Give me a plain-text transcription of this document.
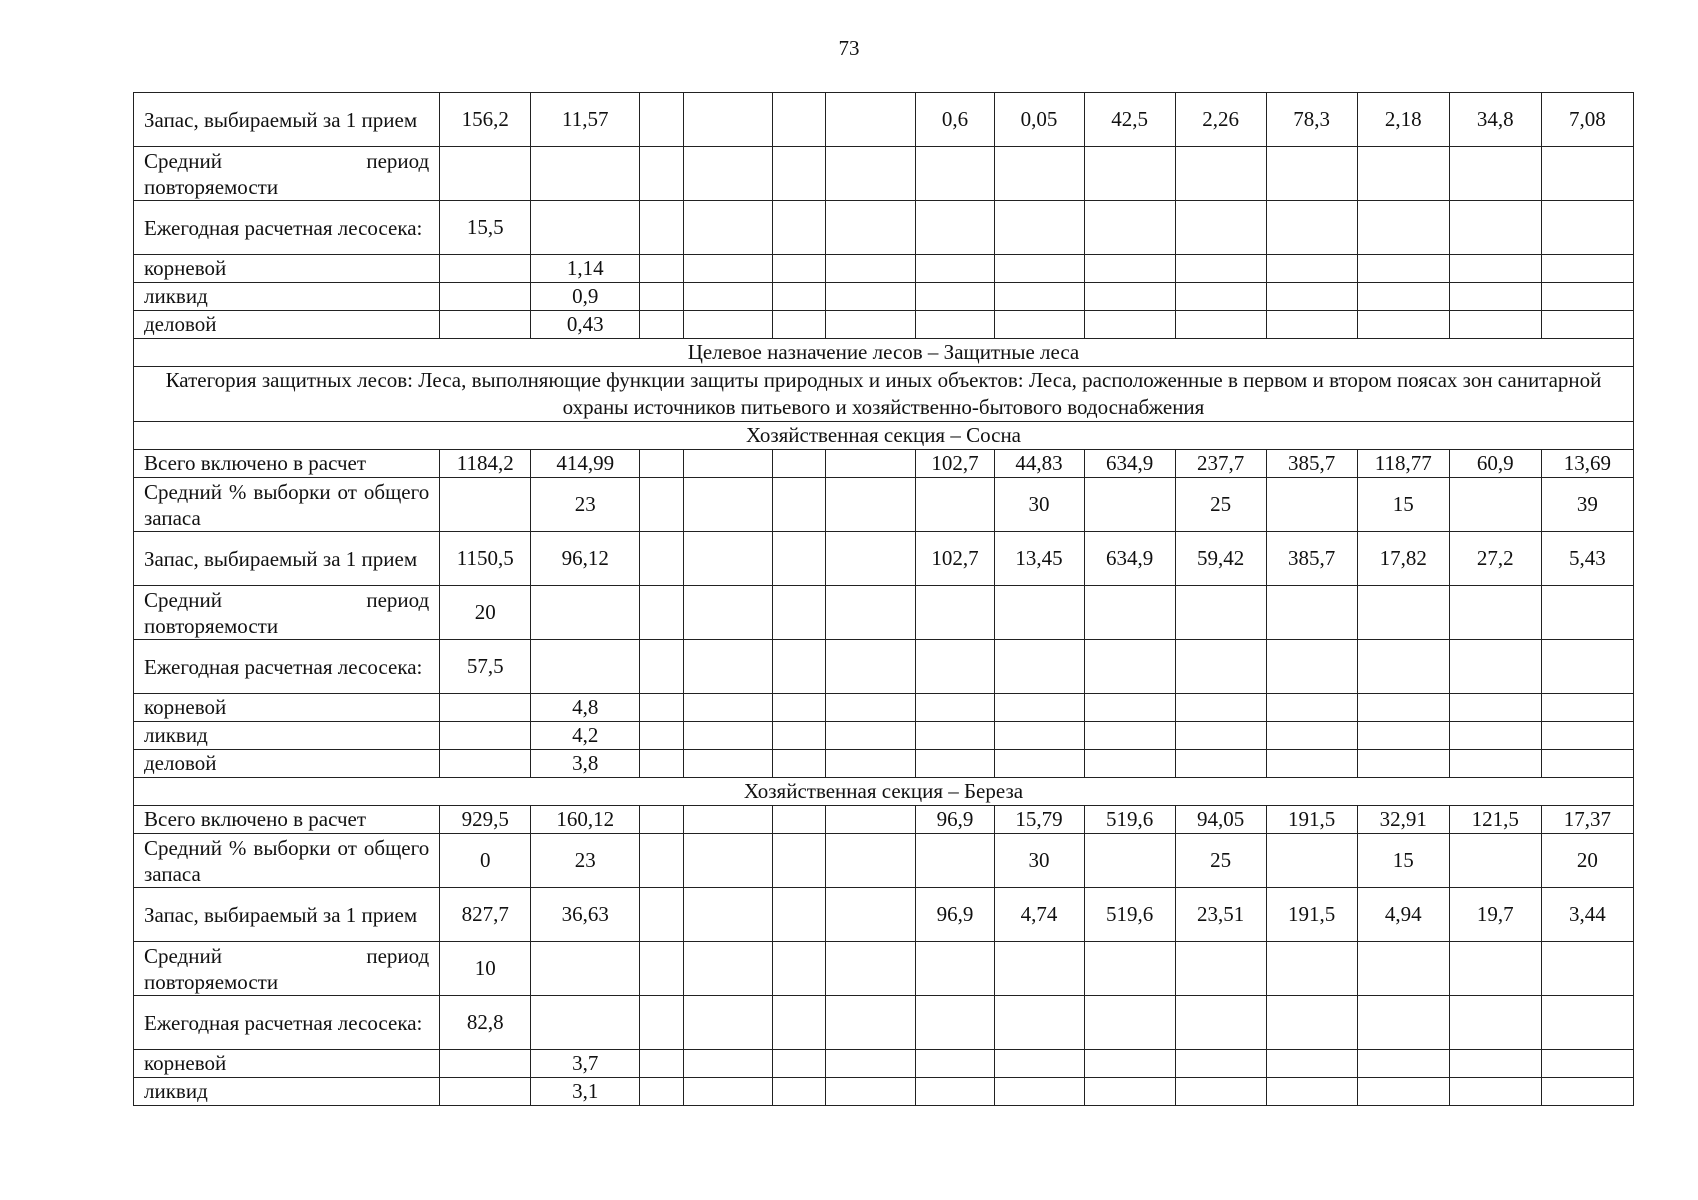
73
Запас, выбираемый за 1 прием	156,2	11,57					0,6	0,05	42,5	2,26	78,3	2,18	34,8	7,08
Средний период повторяемости														
Ежегодная расчетная лесосека:	15,5													
корневой		1,14												
ликвид		0,9												
деловой		0,43												
Целевое назначение лесов – Защитные леса														
Категория защитных лесов: Леса, выполняющие функции защиты природных и иных объектов: Леса, расположенные в первом и втором поясах зон санитарной охраны источников питьевого и хозяйственно-бытового водоснабжения														
Хозяйственная секция – Сосна														
Всего включено в расчет	1184,2	414,99					102,7	44,83	634,9	237,7	385,7	118,77	60,9	13,69
Средний % выборки от общего запаса		23						30		25		15		39
Запас, выбираемый за 1 прием	1150,5	96,12					102,7	13,45	634,9	59,42	385,7	17,82	27,2	5,43
Средний период повторяемости	20													
Ежегодная расчетная лесосека:	57,5													
корневой		4,8												
ликвид		4,2												
деловой		3,8												
Хозяйственная секция – Береза														
Всего включено в расчет	929,5	160,12					96,9	15,79	519,6	94,05	191,5	32,91	121,5	17,37
Средний % выборки от общего запаса	0	23						30		25		15		20
Запас, выбираемый за 1 прием	827,7	36,63					96,9	4,74	519,6	23,51	191,5	4,94	19,7	3,44
Средний период повторяемости	10													
Ежегодная расчетная лесосека:	82,8													
корневой		3,7												
ликвид		3,1												
